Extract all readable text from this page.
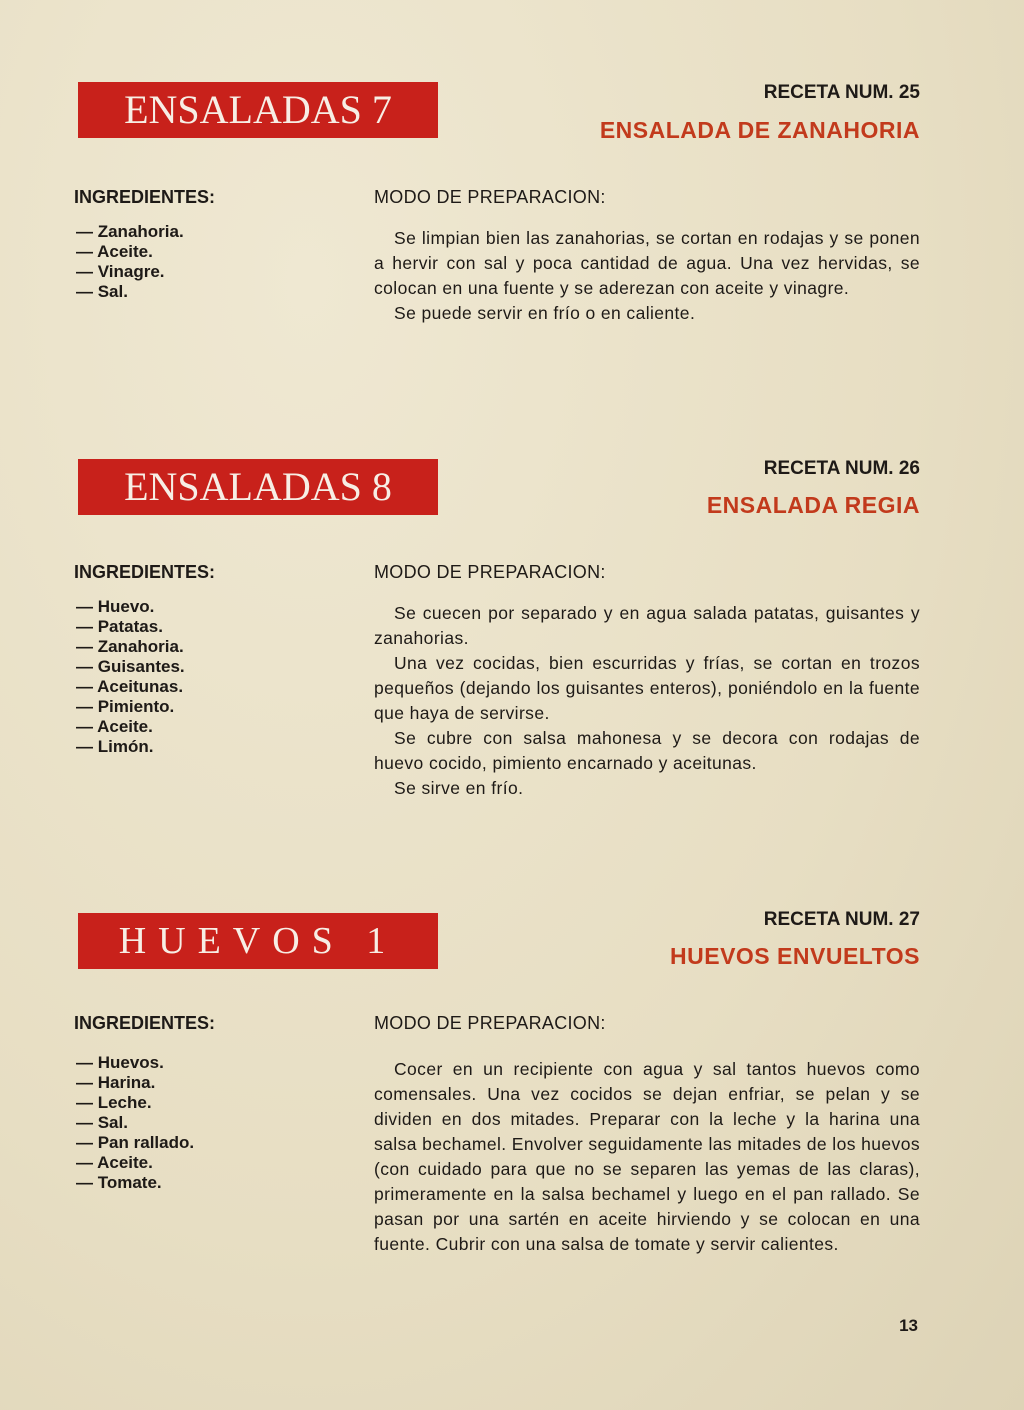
ENSALADAS 7	RECETA NUM. 25
ENSALADA DE ZANAHORIA
INGREDIENTES:
— Zanahoria.
— Aceite.
— Vinagre.
— Sal.
MODO DE PREPARACION:

Se limpian bien las zanahorias, se cortan en rodajas y se ponen a hervir con sal y poca cantidad de agua. Una vez hervidas, se colocan en una fuente y se aderezan con aceite y vinagre.

Se puede servir en frío o en caliente.

ENSALADAS 8	RECETA NUM. 26
ENSALADA REGIA
INGREDIENTES:
— Huevo.
— Patatas.
— Zanahoria.
— Guisantes.
— Aceitunas.
— Pimiento.
— Aceite.
— Limón.
MODO DE PREPARACION:

Se cuecen por separado y en agua salada patatas, guisantes y zanahorias.

Una vez cocidas, bien escurridas y frías, se cortan en trozos pequeños (dejando los guisantes enteros), poniéndolo en la fuente que haya de servirse.

Se cubre con salsa mahonesa y se decora con rodajas de huevo cocido, pimiento encarnado y aceitunas.

Se sirve en frío.

HUEVOS 1
RECETA NUM. 27
HUEVOS ENVUELTOS
INGREDIENTES:
— Huevos.
— Harina.
— Leche.
— Sal.
— Pan rallado.
— Aceite.
— Tomate.
MODO DE PREPARACION:

Cocer en un recipiente con agua y sal tantos huevos como comensales. Una vez cocidos se dejan enfriar, se pelan y se dividen en dos mitades. Preparar con la leche y la harina una salsa bechamel. Envolver seguidamente las mitades de los huevos (con cuidado para que no se separen las yemas de las claras), primeramente en la salsa bechamel y luego en el pan rallado. Se pasan por una sartén en aceite hirviendo y se colocan en una fuente. Cubrir con una salsa de tomate y servir calientes.

13
